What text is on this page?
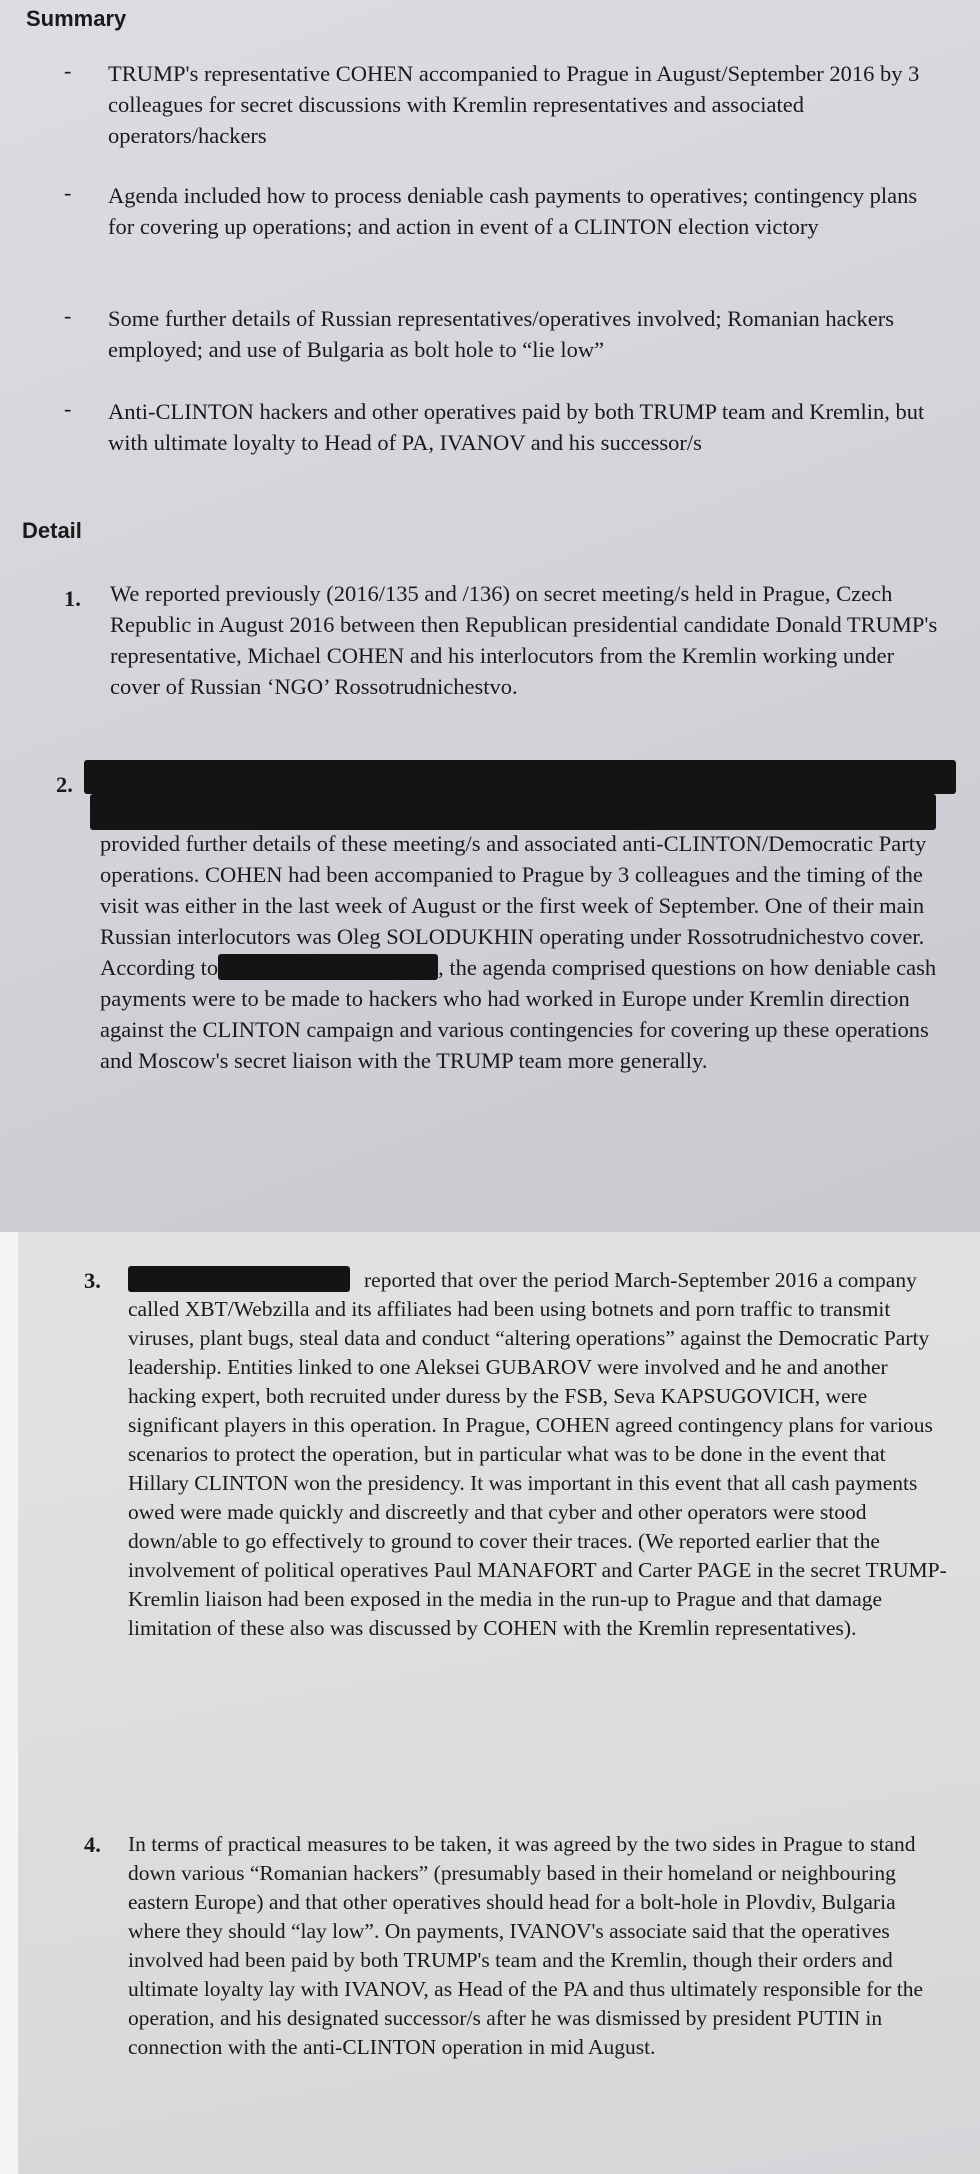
Summary
- TRUMP's representative COHEN accompanied to Prague in August/September 2016 by 3 colleagues for secret discussions with Kremlin representatives and associated operators/hackers
- Agenda included how to process deniable cash payments to operatives; contingency plans for covering up operations; and action in event of a CLINTON election victory
- Some further details of Russian representatives/operatives involved; Romanian hackers employed; and use of Bulgaria as bolt hole to “lie low”
- Anti-CLINTON hackers and other operatives paid by both TRUMP team and Kremlin, but with ultimate loyalty to Head of PA, IVANOV and his successor/s
Detail
1. We reported previously (2016/135 and /136) on secret meeting/s held in Prague, Czech Republic in August 2016 between then Republican presidential candidate Donald TRUMP's representative, Michael COHEN and his interlocutors from the Kremlin working under cover of Russian ‘NGO’ Rossotrudnichestvo.
2.
provided further details of these meeting/s and associated anti-CLINTON/Democratic Party operations. COHEN had been accompanied to Prague by 3 colleagues and the timing of the visit was either in the last week of August or the first week of September. One of their main Russian interlocutors was Oleg SOLODUKHIN operating under Rossotrudnichestvo cover. According to	, the agenda comprised questions on how deniable cash payments were to be made to hackers who had worked in Europe under Kremlin direction against the CLINTON campaign and various contingencies for covering up these operations and Moscow's secret liaison with the TRUMP team more generally.
3.	reported that over the period March-September 2016 a company called XBT/Webzilla and its affiliates had been using botnets and porn traffic to transmit viruses, plant bugs, steal data and conduct “altering operations” against the Democratic Party leadership. Entities linked to one Aleksei GUBAROV were involved and he and another hacking expert, both recruited under duress by the FSB, Seva KAPSUGOVICH, were significant players in this operation. In Prague, COHEN agreed contingency plans for various scenarios to protect the operation, but in particular what was to be done in the event that Hillary CLINTON won the presidency. It was important in this event that all cash payments owed were made quickly and discreetly and that cyber and other operators were stood down/able to go effectively to ground to cover their traces. (We reported earlier that the involvement of political operatives Paul MANAFORT and Carter PAGE in the secret TRUMP-Kremlin liaison had been exposed in the media in the run-up to Prague and that damage limitation of these also was discussed by COHEN with the Kremlin representatives).
4. In terms of practical measures to be taken, it was agreed by the two sides in Prague to stand down various “Romanian hackers” (presumably based in their homeland or neighbouring eastern Europe) and that other operatives should head for a bolt-hole in Plovdiv, Bulgaria where they should “lay low”. On payments, IVANOV's associate said that the operatives involved had been paid by both TRUMP's team and the Kremlin, though their orders and ultimate loyalty lay with IVANOV, as Head of the PA and thus ultimately responsible for the operation, and his designated successor/s after he was dismissed by president PUTIN in connection with the anti-CLINTON operation in mid August.
